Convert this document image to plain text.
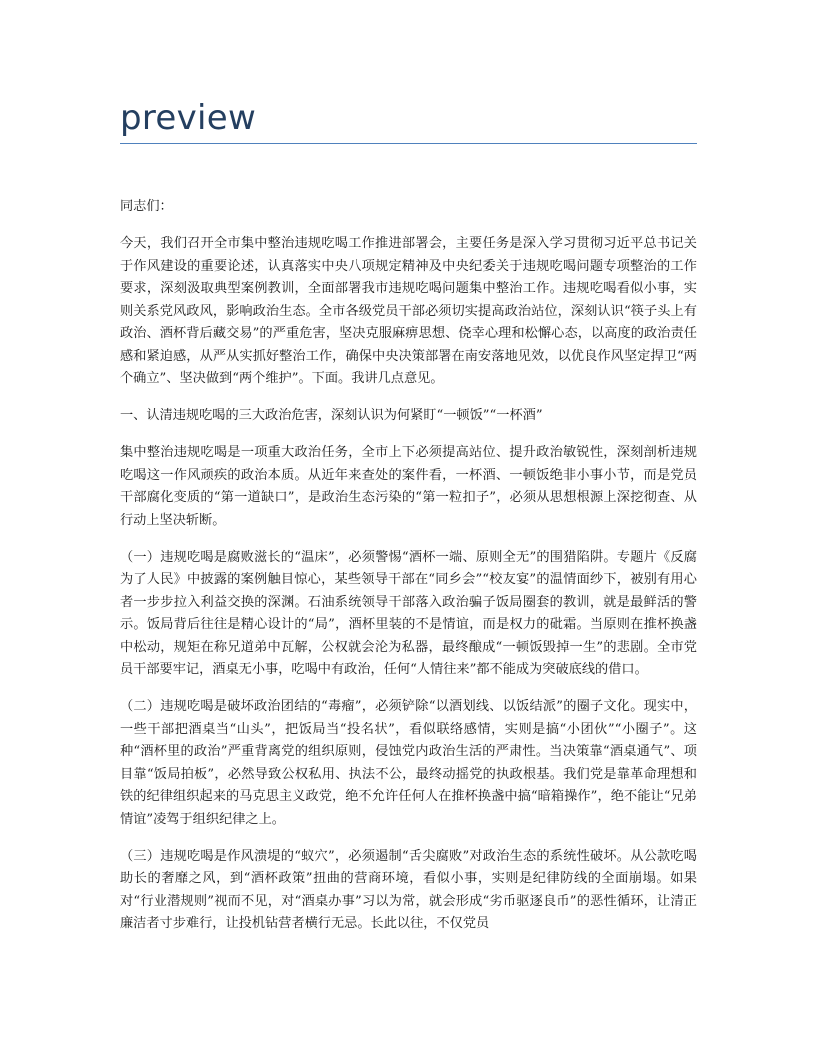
preview

同志们：

今天，我们召开全市集中整治违规吃喝工作推进部署会，主要任务是深入学习贯彻习近平总书记关于作风建设的重要论述，认真落实中央八项规定精神及中央纪委关于违规吃喝问题专项整治的工作要求，深刻汲取典型案例教训，全面部署我市违规吃喝问题集中整治工作。违规吃喝看似小事，实则关系党风政风，影响政治生态。全市各级党员干部必须切实提高政治站位，深刻认识“筷子头上有政治、酒杯背后藏交易”的严重危害，坚决克服麻痹思想、侥幸心理和松懈心态，以高度的政治责任感和紧迫感，从严从实抓好整治工作，确保中央决策部署在南安落地见效，以优良作风坚定捍卫“两个确立”、坚决做到“两个维护”。下面。我讲几点意见。

一、认清违规吃喝的三大政治危害，深刻认识为何紧盯“一顿饭”“一杯酒”

集中整治违规吃喝是一项重大政治任务，全市上下必须提高站位、提升政治敏锐性，深刻剖析违规吃喝这一作风顽疾的政治本质。从近年来查处的案件看，一杯酒、一顿饭绝非小事小节，而是党员干部腐化变质的“第一道缺口”，是政治生态污染的“第一粒扣子”，必须从思想根源上深挖彻查、从行动上坚决斩断。

（一）违规吃喝是腐败滋长的“温床”，必须警惕“酒杯一端、原则全无”的围猎陷阱。专题片《反腐为了人民》中披露的案例触目惊心，某些领导干部在“同乡会”“校友宴”的温情面纱下，被别有用心者一步步拉入利益交换的深渊。石油系统领导干部落入政治骗子饭局圈套的教训，就是最鲜活的警示。饭局背后往往是精心设计的“局”，酒杯里装的不是情谊，而是权力的砒霜。当原则在推杯换盏中松动，规矩在称兄道弟中瓦解，公权就会沦为私器，最终酿成“一顿饭毁掉一生”的悲剧。全市党员干部要牢记，酒桌无小事，吃喝中有政治，任何“人情往来”都不能成为突破底线的借口。

（二）违规吃喝是破坏政治团结的“毒瘤”，必须铲除“以酒划线、以饭结派”的圈子文化。现实中，一些干部把酒桌当“山头”，把饭局当“投名状”，看似联络感情，实则是搞“小团伙”“小圈子”。这种“酒杯里的政治”严重背离党的组织原则，侵蚀党内政治生活的严肃性。当决策靠“酒桌通气”、项目靠“饭局拍板”，必然导致公权私用、执法不公，最终动摇党的执政根基。我们党是靠革命理想和铁的纪律组织起来的马克思主义政党，绝不允许任何人在推杯换盏中搞“暗箱操作”，绝不能让“兄弟情谊”凌驾于组织纪律之上。

（三）违规吃喝是作风溃堤的“蚁穴”，必须遏制“舌尖腐败”对政治生态的系统性破坏。从公款吃喝助长的奢靡之风，到“酒杯政策”扭曲的营商环境，看似小事，实则是纪律防线的全面崩塌。如果对“行业潜规则”视而不见，对“酒桌办事”习以为常，就会形成“劣币驱逐良币”的恶性循环，让清正廉洁者寸步难行，让投机钻营者横行无忌。长此以往，不仅党员
